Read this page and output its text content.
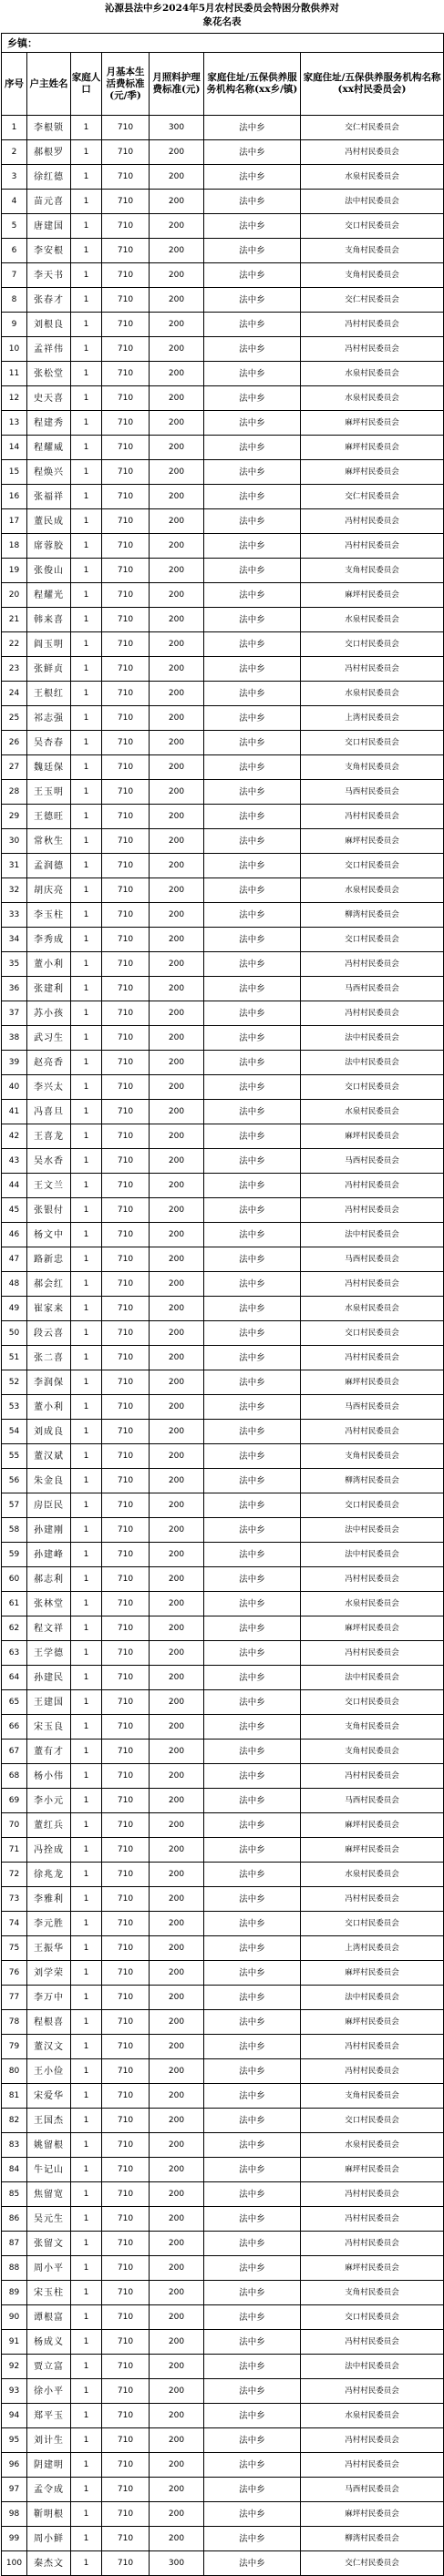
沁源县法中乡2024年5月农村民委员会特困分散供养对
象花名表
乡镇：						
序号	户主姓名	家庭人口	月基本生活费标准(元/季)	月照料护理费标准(元)	家庭住址/五保供养服务机构名称(xx乡/镇)	家庭住址/五保供养服务机构名称(xx村民委员会)
1	李根锁	1	710	300	法中乡	交仁村民委员会
2	郝根罗	1	710	200	法中乡	冯村村民委员会
3	徐红德	1	710	200	法中乡	水泉村民委员会
4	苗元喜	1	710	200	法中乡	法中村民委员会
5	唐建国	1	710	200	法中乡	交口村民委员会
6	李安根	1	710	200	法中乡	支角村民委员会
7	李天书	1	710	200	法中乡	支角村民委员会
8	张春才	1	710	200	法中乡	交仁村民委员会
9	刘根良	1	710	200	法中乡	冯村村民委员会
10	孟祥伟	1	710	200	法中乡	冯村村民委员会
11	张松堂	1	710	200	法中乡	水泉村民委员会
12	史天喜	1	710	200	法中乡	水泉村民委员会
13	程建秀	1	710	200	法中乡	麻坪村民委员会
14	程耀威	1	710	200	法中乡	麻坪村民委员会
15	程焕兴	1	710	200	法中乡	麻坪村民委员会
16	张福祥	1	710	200	法中乡	交仁村民委员会
17	董民成	1	710	200	法中乡	冯村村民委员会
18	席蓉胶	1	710	200	法中乡	冯村村民委员会
19	张俊山	1	710	200	法中乡	支角村民委员会
20	程耀光	1	710	200	法中乡	麻坪村民委员会
21	韩来喜	1	710	200	法中乡	水泉村民委员会
22	阎玉明	1	710	200	法中乡	交口村民委员会
23	张鲜贞	1	710	200	法中乡	冯村村民委员会
24	王根红	1	710	200	法中乡	水泉村民委员会
25	祁志强	1	710	200	法中乡	上湾村民委员会
26	吴杏春	1	710	200	法中乡	交口村民委员会
27	魏廷保	1	710	200	法中乡	支角村民委员会
28	王玉明	1	710	200	法中乡	马西村民委员会
29	王德旺	1	710	200	法中乡	冯村村民委员会
30	常秋生	1	710	200	法中乡	麻坪村民委员会
31	孟润德	1	710	200	法中乡	交口村民委员会
32	胡庆亮	1	710	200	法中乡	水泉村民委员会
33	李玉柱	1	710	200	法中乡	柳湾村民委员会
34	李秀成	1	710	200	法中乡	交口村民委员会
35	董小利	1	710	200	法中乡	冯村村民委员会
36	张建利	1	710	200	法中乡	马西村民委员会
37	苏小孩	1	710	200	法中乡	冯村村民委员会
38	武习生	1	710	200	法中乡	法中村民委员会
39	赵亮香	1	710	200	法中乡	法中村民委员会
40	李兴太	1	710	200	法中乡	交口村民委员会
41	冯喜旦	1	710	200	法中乡	水泉村民委员会
42	王喜龙	1	710	200	法中乡	麻坪村民委员会
43	吴水香	1	710	200	法中乡	马西村民委员会
44	王文兰	1	710	200	法中乡	冯村村民委员会
45	张银付	1	710	200	法中乡	冯村村民委员会
46	杨文中	1	710	200	法中乡	法中村民委员会
47	路新忠	1	710	200	法中乡	马西村民委员会
48	郝会红	1	710	200	法中乡	冯村村民委员会
49	崔家来	1	710	200	法中乡	水泉村民委员会
50	段云喜	1	710	200	法中乡	交口村民委员会
51	张二喜	1	710	200	法中乡	冯村村民委员会
52	李润保	1	710	200	法中乡	麻坪村民委员会
53	董小利	1	710	200	法中乡	马西村民委员会
54	刘成良	1	710	200	法中乡	冯村村民委员会
55	董汉斌	1	710	200	法中乡	支角村民委员会
56	朱金良	1	710	200	法中乡	柳湾村民委员会
57	房臣民	1	710	200	法中乡	交口村民委员会
58	孙建刚	1	710	200	法中乡	法中村民委员会
59	孙建峰	1	710	200	法中乡	法中村民委员会
60	郝志利	1	710	200	法中乡	冯村村民委员会
61	张林堂	1	710	200	法中乡	水泉村民委员会
62	程文祥	1	710	200	法中乡	麻坪村民委员会
63	王学德	1	710	200	法中乡	冯村村民委员会
64	孙建民	1	710	200	法中乡	法中村民委员会
65	王建国	1	710	200	法中乡	交口村民委员会
66	宋玉良	1	710	200	法中乡	支角村民委员会
67	董有才	1	710	200	法中乡	支角村民委员会
68	杨小伟	1	710	200	法中乡	冯村村民委员会
69	李小元	1	710	200	法中乡	马西村民委员会
70	董红兵	1	710	200	法中乡	麻坪村民委员会
71	冯拴成	1	710	200	法中乡	麻坪村民委员会
72	徐兆龙	1	710	200	法中乡	水泉村民委员会
73	李雅利	1	710	200	法中乡	冯村村民委员会
74	李元胜	1	710	200	法中乡	交口村民委员会
75	王振华	1	710	200	法中乡	上湾村民委员会
76	刘学荣	1	710	200	法中乡	麻坪村民委员会
77	李万中	1	710	200	法中乡	法中村民委员会
78	程根喜	1	710	200	法中乡	麻坪村民委员会
79	董汉文	1	710	200	法中乡	冯村村民委员会
80	王小俭	1	710	200	法中乡	冯村村民委员会
81	宋爱华	1	710	200	法中乡	支角村民委员会
82	王国杰	1	710	200	法中乡	交口村民委员会
83	姚留根	1	710	200	法中乡	水泉村民委员会
84	牛记山	1	710	200	法中乡	麻坪村民委员会
85	焦留宽	1	710	200	法中乡	冯村村民委员会
86	吴元生	1	710	200	法中乡	冯村村民委员会
87	张留文	1	710	200	法中乡	冯村村民委员会
88	周小平	1	710	200	法中乡	麻坪村民委员会
89	宋玉柱	1	710	200	法中乡	支角村民委员会
90	谭根富	1	710	200	法中乡	交口村民委员会
91	杨成义	1	710	200	法中乡	冯村村民委员会
92	贾立富	1	710	200	法中乡	法中村民委员会
93	徐小平	1	710	200	法中乡	冯村村民委员会
94	郑平玉	1	710	200	法中乡	水泉村民委员会
95	刘计生	1	710	200	法中乡	冯村村民委员会
96	阴建明	1	710	200	法中乡	冯村村民委员会
97	孟令成	1	710	200	法中乡	马西村民委员会
98	靳明根	1	710	200	法中乡	麻坪村民委员会
99	周小鲜	1	710	200	法中乡	柳湾村民委员会
100	秦杰文	1	710	300	法中乡	交仁村民委员会
